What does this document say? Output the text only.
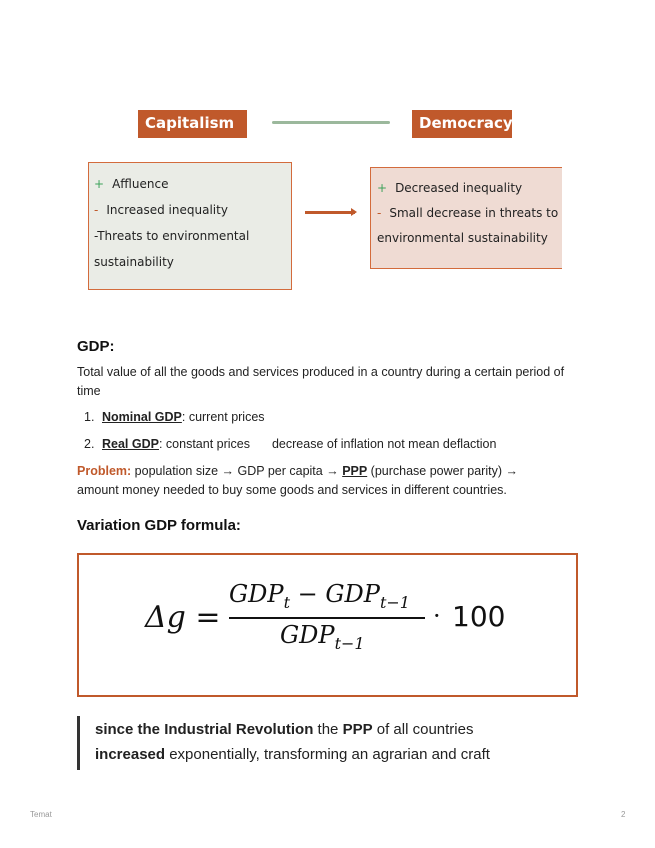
Capitalism	Democracy
+ Affluence
- Increased inequality
-Threats to environmental
sustainability
+ Decreased inequality
- Small decrease in threats to
environmental sustainability
GDP:
Total value of all the goods and services produced in a country during a certain period of time
1. Nominal GDP: current prices
2. Real GDP: constant prices decrease of inflation not mean deflaction
Problem: population size → GDP per capita → PPP (purchase power parity) →
amount money needed to buy some goods and services in different countries.
Variation GDP formula:
Δg =
$GDP_t - GDP_{t-1}$
$GDP_{t-1}$
· 100
since the Industrial Revolution the PPP of all countries
increased exponentially, transforming an agrarian and craft
Temat	2
